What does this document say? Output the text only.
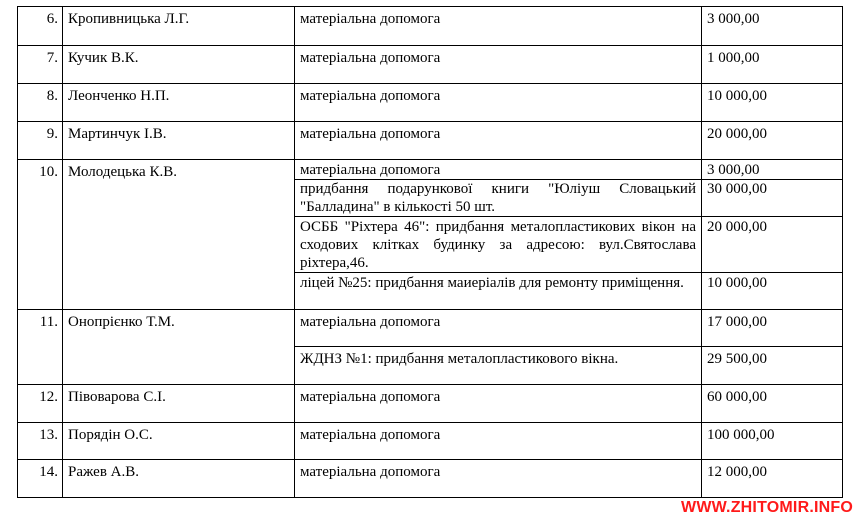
6.	Кропивницька Л.Г.	матеріальна допомога	3 000,00
7.	Кучик В.К.	матеріальна допомога	1 000,00
8.	Леонченко Н.П.	матеріальна допомога	10 000,00
9.	Мартинчук І.В.	матеріальна допомога	20 000,00
10.	Молодецька К.В.	матеріальна допомога	3 000,00
		придбання подарункової книги "Юліуш Словацький "Балладина" в кількості 50 шт.	30 000,00
		ОСББ "Ріхтера 46": придбання металопластикових вікон на сходових клітках будинку за адресою: вул.Святослава ріхтера,46.	20 000,00
		ліцей №25: придбання маиеріалів для ремонту приміщення.	10 000,00
11.	Онопрієнко Т.М.	матеріальна допомога	17 000,00
		ЖДНЗ №1: придбання металопластикового вікна.	29 500,00
12.	Півоварова С.І.	матеріальна допомога	60 000,00
13.	Порядін О.С.	матеріальна допомога	100 000,00
14.	Ражев А.В.	матеріальна допомога	12 000,00
WWW.ZHITOMIR.INFO
